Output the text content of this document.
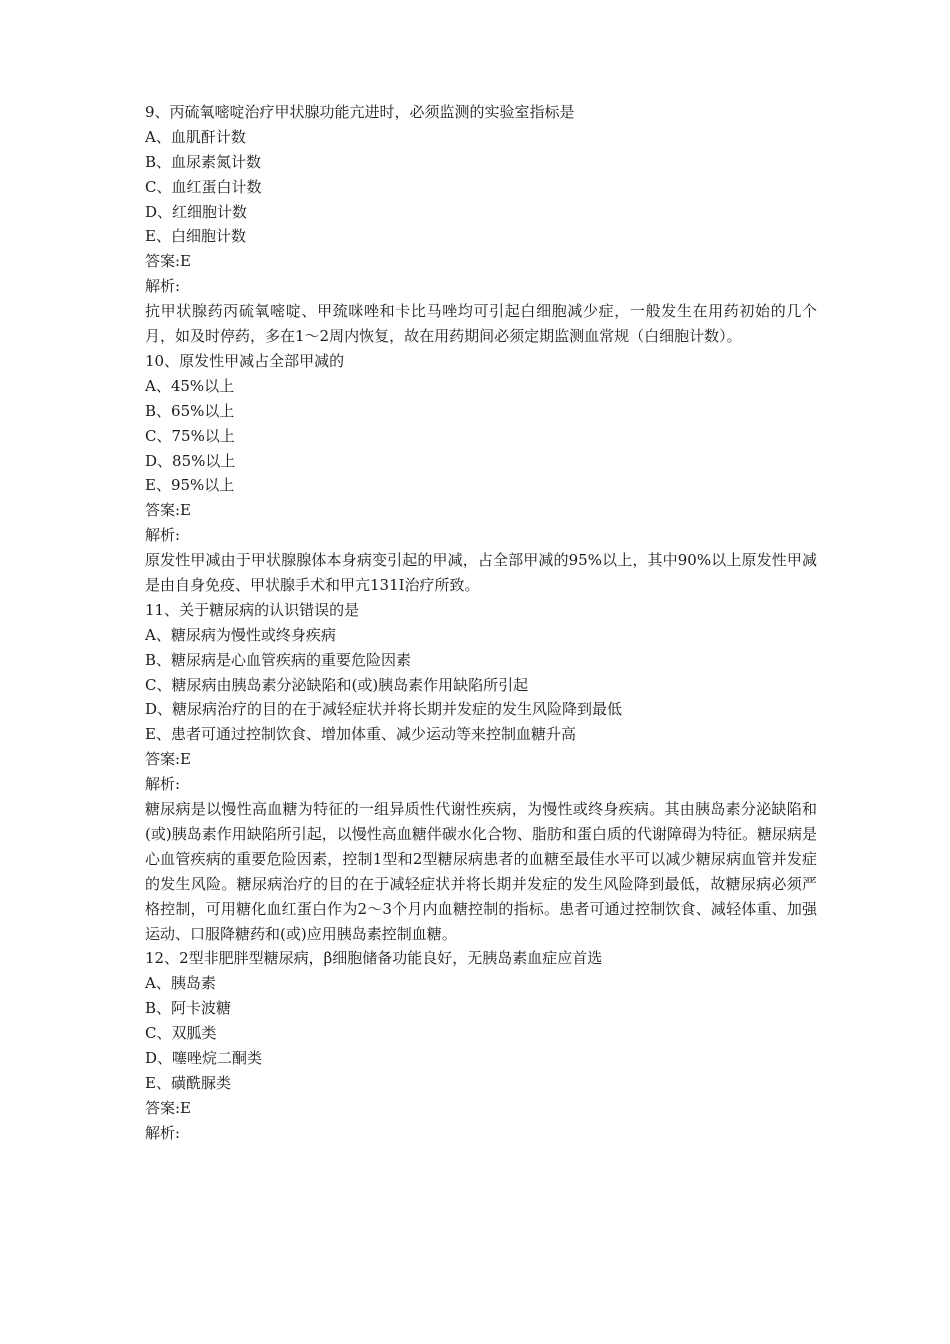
9、丙硫氧嘧啶治疗甲状腺功能亢进时，必须监测的实验室指标是
A、血肌酐计数
B、血尿素氮计数
C、血红蛋白计数
D、红细胞计数
E、白细胞计数
答案:E
解析:
抗甲状腺药丙硫氧嘧啶、甲巯咪唑和卡比马唑均可引起白细胞减少症，一般发生在用药初始的几个月，如及时停药，多在1～2周内恢复，故在用药期间必须定期监测血常规（白细胞计数）。
10、原发性甲减占全部甲减的
A、45%以上
B、65%以上
C、75%以上
D、85%以上
E、95%以上
答案:E
解析:
原发性甲减由于甲状腺腺体本身病变引起的甲减，占全部甲减的95%以上，其中90%以上原发性甲减是由自身免疫、甲状腺手术和甲亢131I治疗所致。
11、关于糖尿病的认识错误的是
A、糖尿病为慢性或终身疾病
B、糖尿病是心血管疾病的重要危险因素
C、糖尿病由胰岛素分泌缺陷和(或)胰岛素作用缺陷所引起
D、糖尿病治疗的目的在于减轻症状并将长期并发症的发生风险降到最低
E、患者可通过控制饮食、增加体重、减少运动等来控制血糖升高
答案:E
解析:
糖尿病是以慢性高血糖为特征的一组异质性代谢性疾病，为慢性或终身疾病。其由胰岛素分泌缺陷和(或)胰岛素作用缺陷所引起，以慢性高血糖伴碳水化合物、脂肪和蛋白质的代谢障碍为特征。糖尿病是心血管疾病的重要危险因素，控制1型和2型糖尿病患者的血糖至最佳水平可以减少糖尿病血管并发症的发生风险。糖尿病治疗的目的在于减轻症状并将长期并发症的发生风险降到最低，故糖尿病必须严格控制，可用糖化血红蛋白作为2～3个月内血糖控制的指标。患者可通过控制饮食、减轻体重、加强运动、口服降糖药和(或)应用胰岛素控制血糖。
12、2型非肥胖型糖尿病，β细胞储备功能良好，无胰岛素血症应首选
A、胰岛素
B、阿卡波糖
C、双胍类
D、噻唑烷二酮类
E、磺酰脲类
答案:E
解析:
